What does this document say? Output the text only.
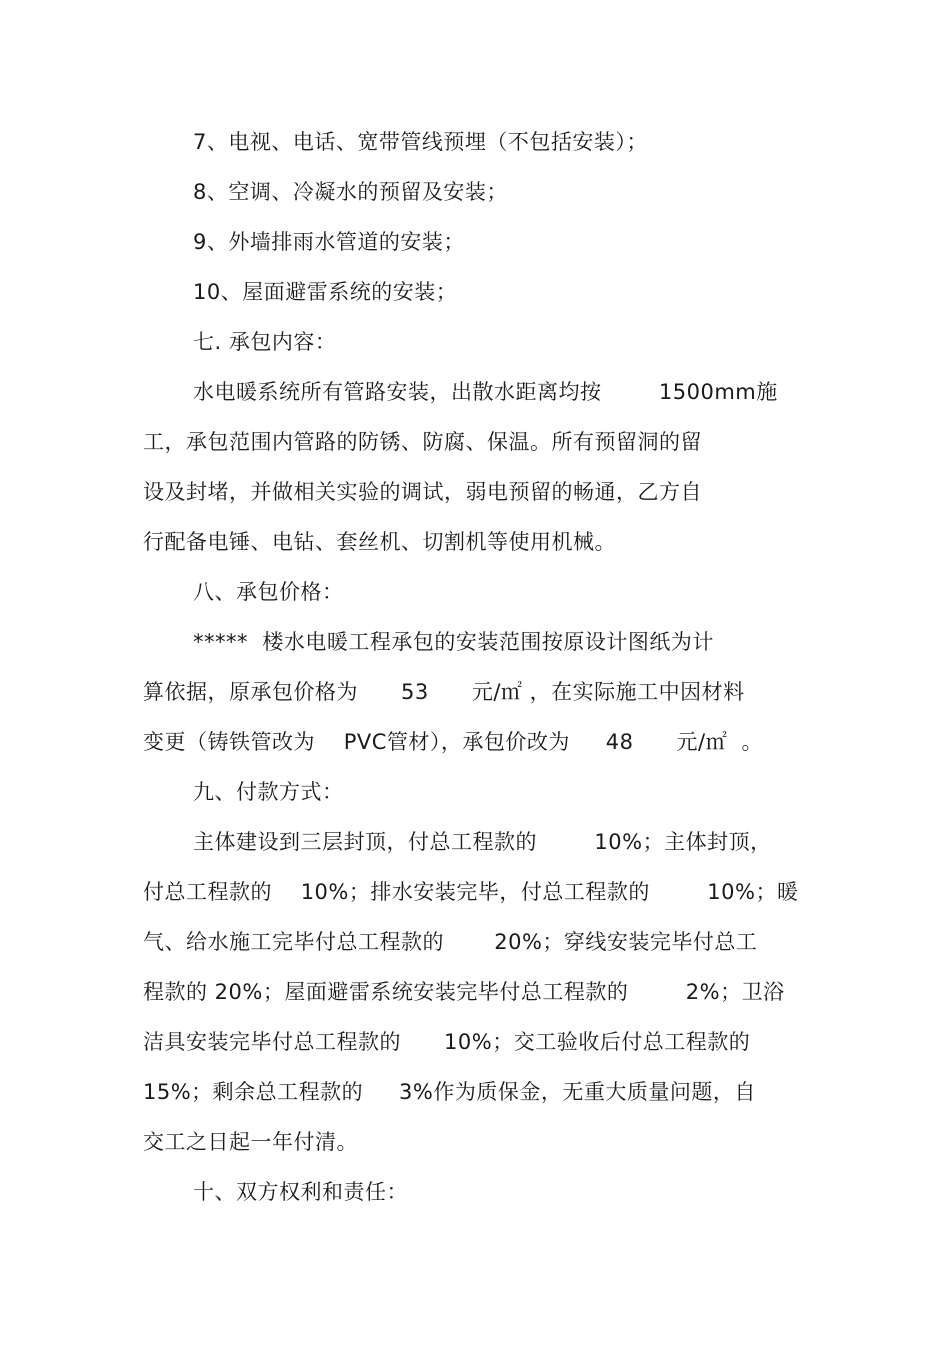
7、电视、电话、宽带管线预埋（不包括安装）；
8、空调、冷凝水的预留及安装；
9、外墙排雨水管道的安装；
10、屋面避雷系统的安装；
七. 承包内容：
水电暖系统所有管路安装，出散水距离均按        1500mm施
工，承包范围内管路的防锈、防腐、保温。所有预留洞的留
设及封堵，并做相关实验的调试，弱电预留的畅通，乙方自
行配备电锤、电钻、套丝机、切割机等使用机械。
八、承包价格：
*****  楼水电暖工程承包的安装范围按原设计图纸为计
算依据，原承包价格为      53      元/㎡ ，在实际施工中因材料
变更（铸铁管改为    PVC管材），承包价改为     48      元/㎡  。
九、付款方式：
主体建设到三层封顶，付总工程款的        10%；主体封顶，
付总工程款的    10%；排水安装完毕，付总工程款的        10%；暖
气、给水施工完毕付总工程款的       20%；穿线安装完毕付总工
程款的 20%；屋面避雷系统安装完毕付总工程款的        2%；卫浴
洁具安装完毕付总工程款的      10%；交工验收后付总工程款的
15%；剩余总工程款的     3%作为质保金，无重大质量问题，自
交工之日起一年付清。
十、双方权利和责任：
